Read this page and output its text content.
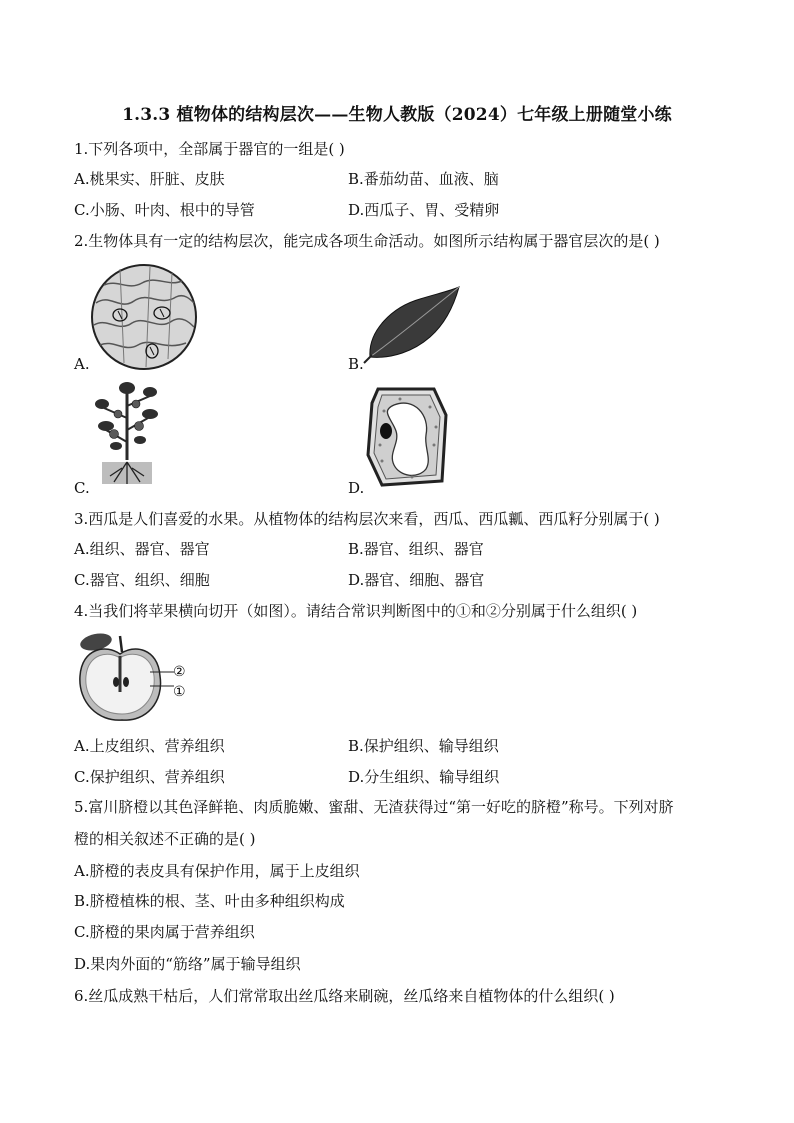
1.3.3 植物体的结构层次——生物人教版（2024）七年级上册随堂小练
1.下列各项中，全部属于器官的一组是( )
A.桃果实、肝脏、皮肤	B.番茄幼苗、血液、脑
C.小肠、叶肉、根中的导管	D.西瓜子、胃、受精卵
2.生物体具有一定的结构层次，能完成各项生命活动。如图所示结构属于器官层次的是( )
A.	B.
C.	D.
3.西瓜是人们喜爱的水果。从植物体的结构层次来看，西瓜、西瓜瓤、西瓜籽分别属于( )
A.组织、器官、器官	B.器官、组织、器官
C.器官、组织、细胞	D.器官、细胞、器官
4.当我们将苹果横向切开（如图）。请结合常识判断图中的①和②分别属于什么组织( )
②
①
A.上皮组织、营养组织	B.保护组织、输导组织
C.保护组织、营养组织	D.分生组织、输导组织
5.富川脐橙以其色泽鲜艳、肉质脆嫩、蜜甜、无渣获得过“第一好吃的脐橙”称号。下列对脐
橙的相关叙述不正确的是( )
A.脐橙的表皮具有保护作用，属于上皮组织
B.脐橙植株的根、茎、叶由多种组织构成
C.脐橙的果肉属于营养组织
D.果肉外面的“筋络”属于输导组织
6.丝瓜成熟干枯后，人们常常取出丝瓜络来刷碗，丝瓜络来自植物体的什么组织( )
